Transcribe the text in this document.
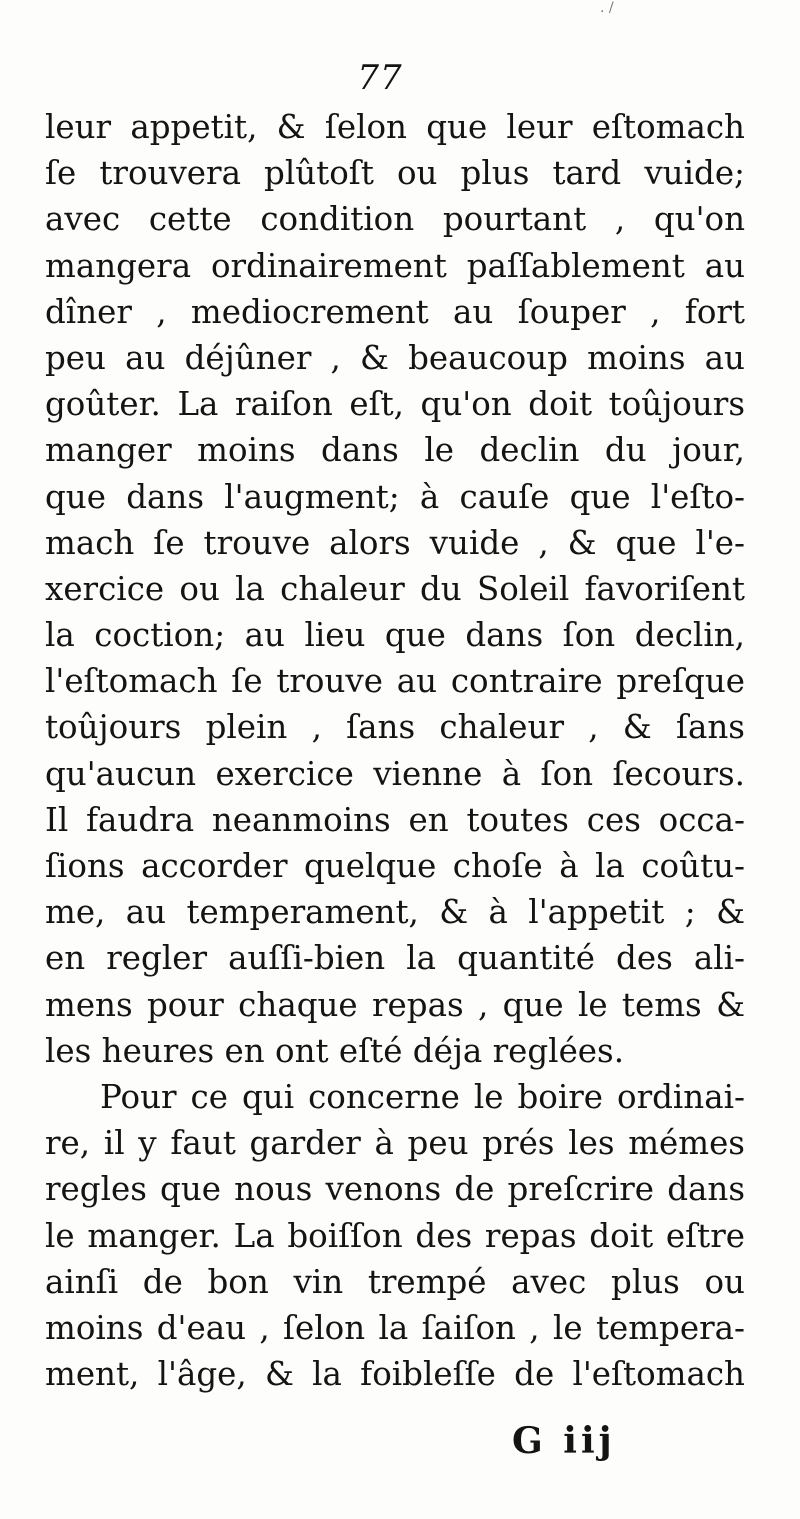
. /
77
leur appetit, & ſelon que leur eſtomach
ſe trouvera plûtoſt ou plus tard vuide;
avec cette condition pourtant , qu'on
mangera ordinairement paſſablement au
dîner , mediocrement au ſouper , fort
peu au déjûner , & beaucoup moins au
goûter. La raiſon eſt, qu'on doit toûjours
manger moins dans le declin du jour,
que dans l'augment; à cauſe que l'eſto-
mach ſe trouve alors vuide , & que l'e-
xercice ou la chaleur du Soleil favoriſent
la coction; au lieu que dans ſon declin,
l'eſtomach ſe trouve au contraire preſque
toûjours plein , ſans chaleur , & ſans
qu'aucun exercice vienne à ſon ſecours.
Il faudra neanmoins en toutes ces occa-
ſions accorder quelque choſe à la coûtu-
me, au temperament, & à l'appetit ; &
en regler auſſi-bien la quantité des ali-
mens pour chaque repas , que le tems &
les heures en ont eſté déja reglées.
Pour ce qui concerne le boire ordinai-
re, il y faut garder à peu prés les mémes
regles que nous venons de preſcrire dans
le manger. La boiſſon des repas doit eſtre
ainſi de bon vin trempé avec plus ou
moins d'eau , ſelon la ſaiſon , le tempera-
ment, l'âge, & la foibleſſe de l'eſtomach
G iij
